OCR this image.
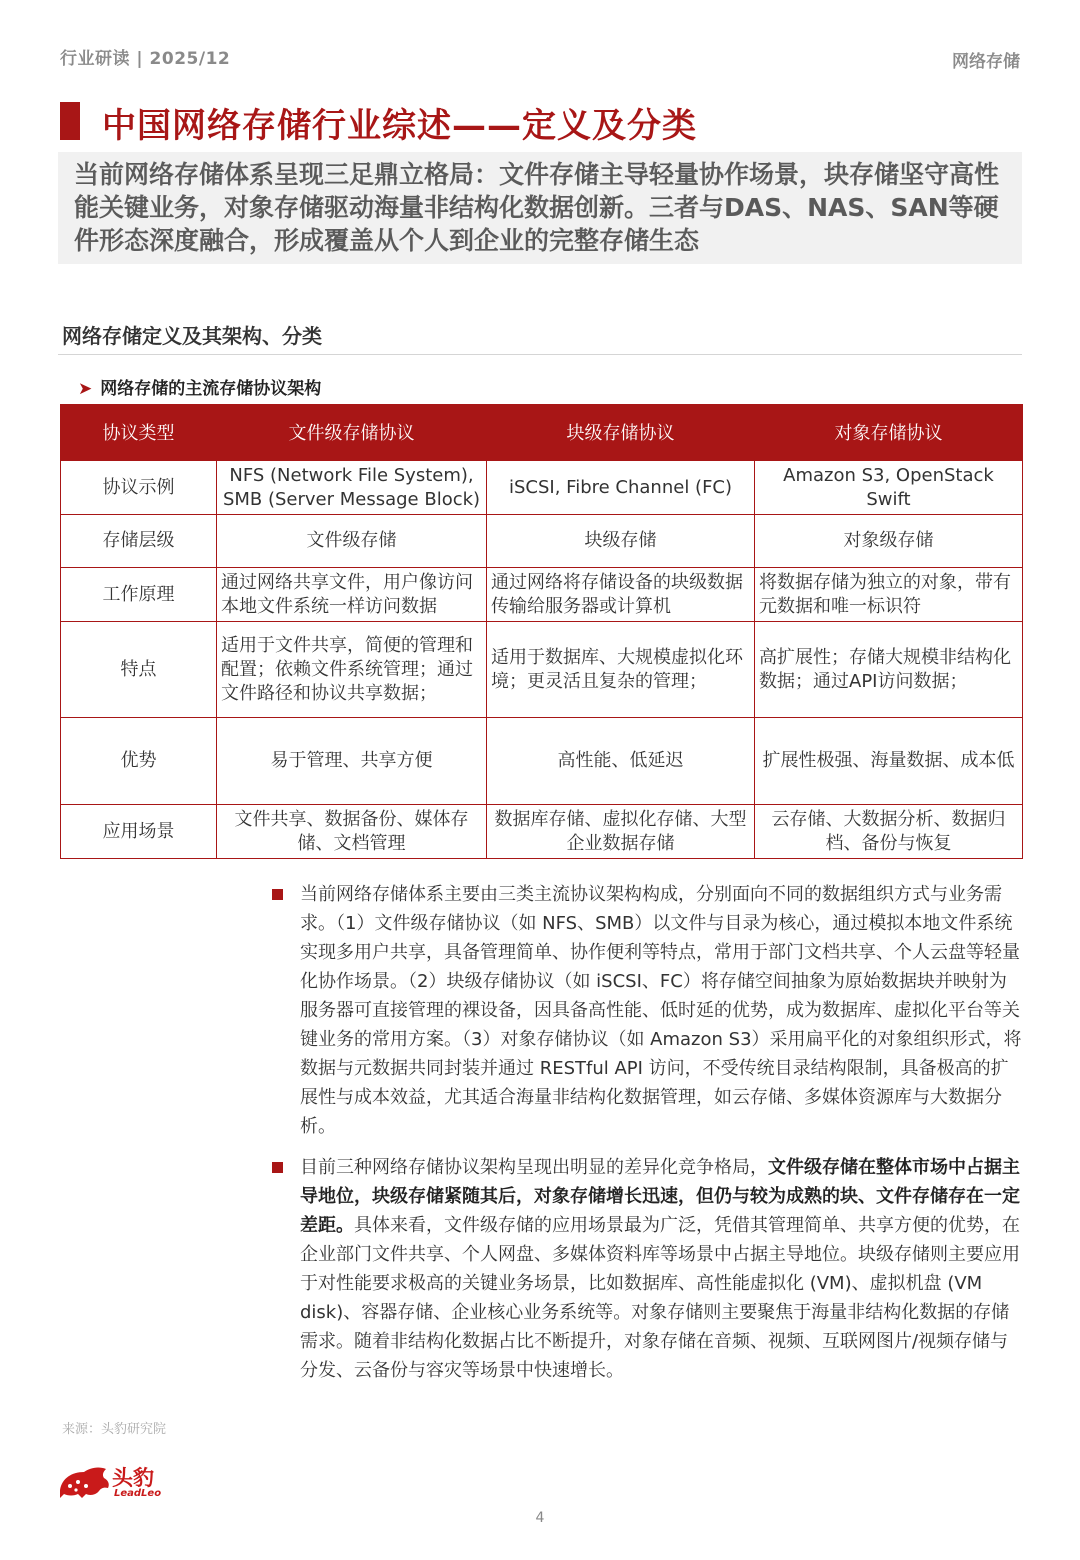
行业研读 | 2025/12	网络存储
中国网络存储行业综述——定义及分类
当前网络存储体系呈现三足鼎立格局：文件存储主导轻量协作场景，块存储坚守高性能关键业务，对象存储驱动海量非结构化数据创新。三者与DAS、NAS、SAN等硬件形态深度融合，形成覆盖从个人到企业的完整存储生态
网络存储定义及其架构、分类
➤ 网络存储的主流存储协议架构
协议类型	文件级存储协议	块级存储协议	对象存储协议
协议示例	NFS (Network File System), SMB (Server Message Block)	iSCSI, Fibre Channel (FC)	Amazon S3, OpenStack Swift
存储层级	文件级存储	块级存储	对象级存储
工作原理	通过网络共享文件，用户像访问本地文件系统一样访问数据	通过网络将存储设备的块级数据传输给服务器或计算机	将数据存储为独立的对象，带有元数据和唯一标识符
特点	适用于文件共享，简便的管理和配置；依赖文件系统管理；通过文件路径和协议共享数据；	适用于数据库、大规模虚拟化环境；更灵活且复杂的管理；	高扩展性；存储大规模非结构化数据；通过API访问数据；
优势	易于管理、共享方便	高性能、低延迟	扩展性极强、海量数据、成本低
应用场景	文件共享、数据备份、媒体存储、文档管理	数据库存储、虚拟化存储、大型企业数据存储	云存储、大数据分析、数据归档、备份与恢复
当前网络存储体系主要由三类主流协议架构构成，分别面向不同的数据组织方式与业务需求。（1）文件级存储协议（如 NFS、SMB）以文件与目录为核心，通过模拟本地文件系统实现多用户共享，具备管理简单、协作便利等特点，常用于部门文档共享、个人云盘等轻量化协作场景。（2）块级存储协议（如 iSCSI、FC）将存储空间抽象为原始数据块并映射为服务器可直接管理的裸设备，因具备高性能、低时延的优势，成为数据库、虚拟化平台等关键业务的常用方案。（3）对象存储协议（如 Amazon S3）采用扁平化的对象组织形式，将数据与元数据共同封装并通过 RESTful API 访问，不受传统目录结构限制，具备极高的扩展性与成本效益，尤其适合海量非结构化数据管理，如云存储、多媒体资源库与大数据分析。
目前三种网络存储协议架构呈现出明显的差异化竞争格局，文件级存储在整体市场中占据主导地位，块级存储紧随其后，对象存储增长迅速，但仍与较为成熟的块、文件存储存在一定差距。具体来看，文件级存储的应用场景最为广泛，凭借其管理简单、共享方便的优势，在企业部门文件共享、个人网盘、多媒体资料库等场景中占据主导地位。块级存储则主要应用于对性能要求极高的关键业务场景，比如数据库、高性能虚拟化 (VM)、虚拟机盘 (VM disk)、容器存储、企业核心业务系统等。对象存储则主要聚焦于海量非结构化数据的存储需求。随着非结构化数据占比不断提升，对象存储在音频、视频、互联网图片/视频存储与分发、云备份与容灾等场景中快速增长。
来源：头豹研究院
头豹
LeadLeo
4
